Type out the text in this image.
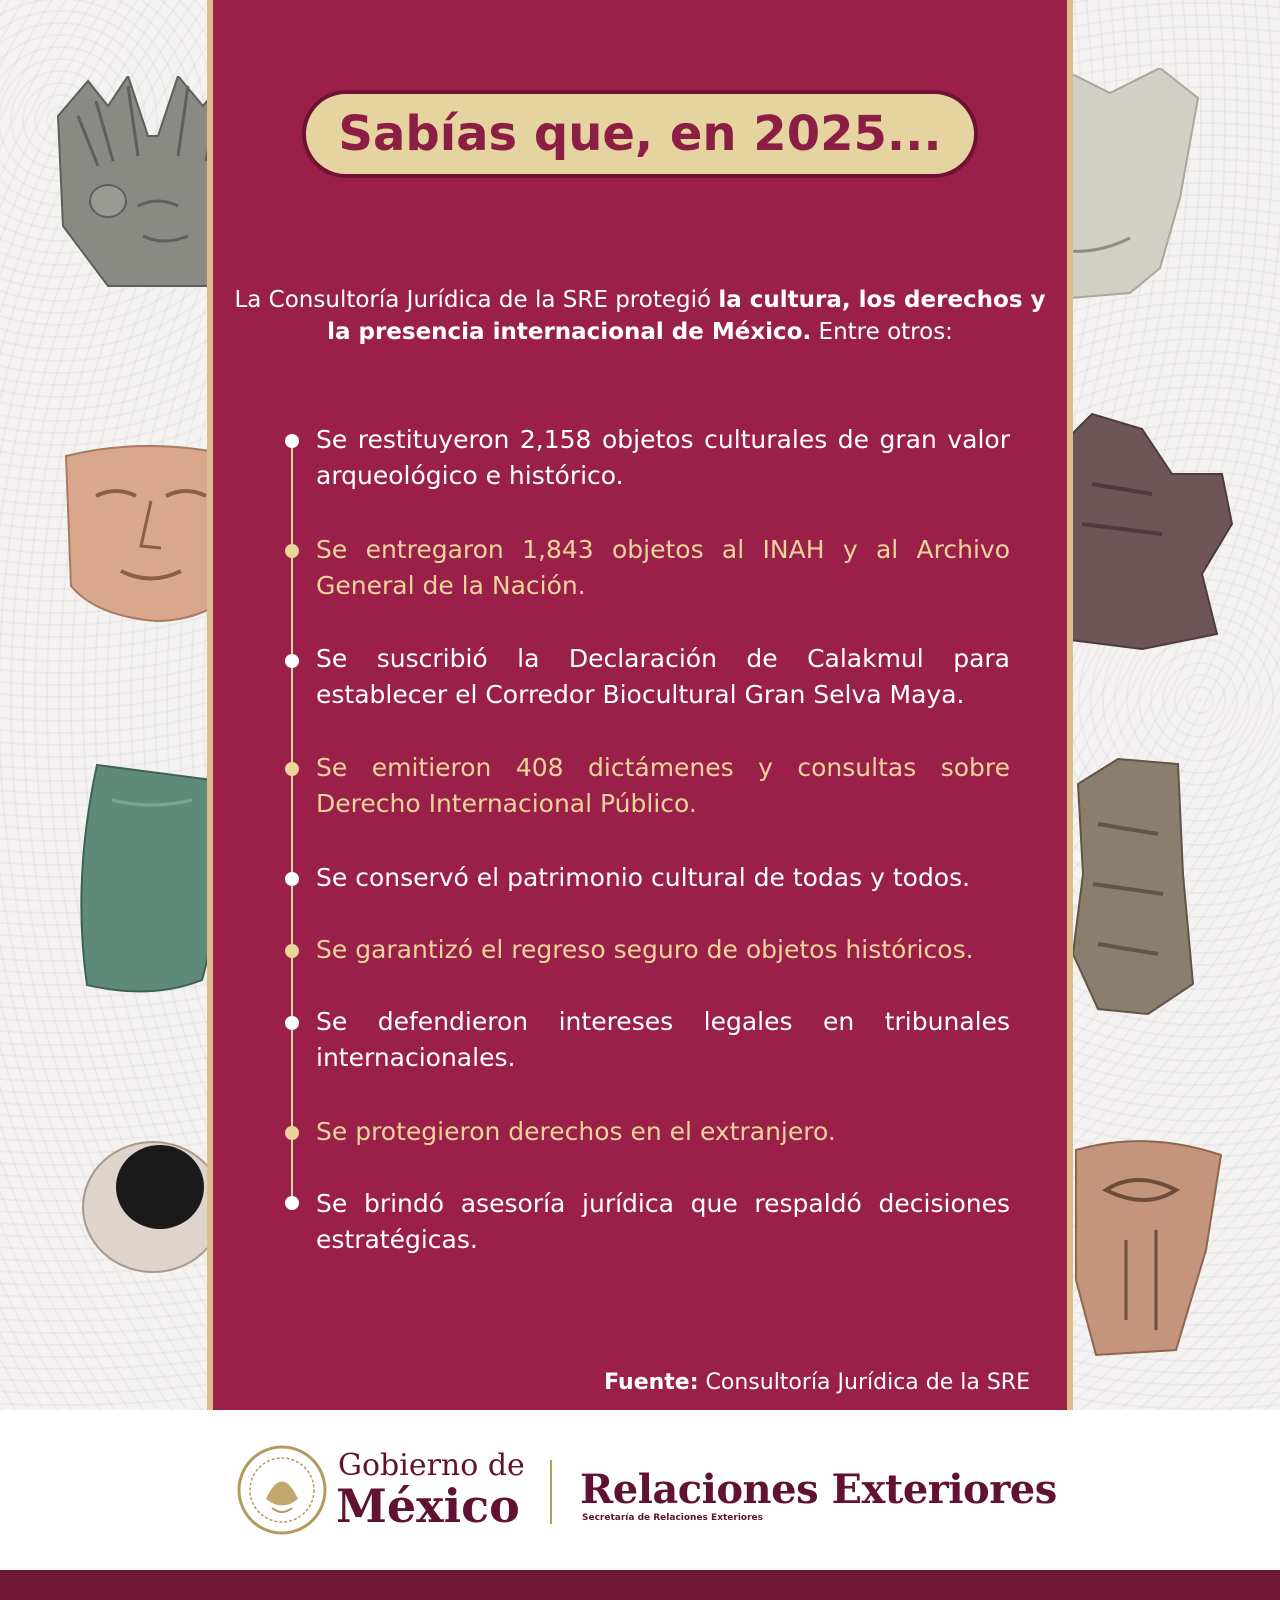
Sabías que, en 2025...
La Consultoría Jurídica de la SRE protegió la cultura, los derechos y la presencia internacional de México. Entre otros:
Se restituyeron 2,158 objetos culturales de gran valor arqueológico e histórico.
Se entregaron 1,843 objetos al INAH y al Archivo General de la Nación.
Se suscribió la Declaración de Calakmul para establecer el Corredor Biocultural Gran Selva Maya.
Se emitieron 408 dictámenes y consultas sobre Derecho Internacional Público.
Se conservó el patrimonio cultural de todas y todos.
Se garantizó el regreso seguro de objetos históricos.
Se defendieron intereses legales en tribunales internacionales.
Se protegieron derechos en el extranjero.
Se brindó asesoría jurídica que respaldó decisiones estratégicas.
Fuente: Consultoría Jurídica de la SRE
Gobierno de
México Relaciones Exteriores
Secretaría de Relaciones Exteriores
